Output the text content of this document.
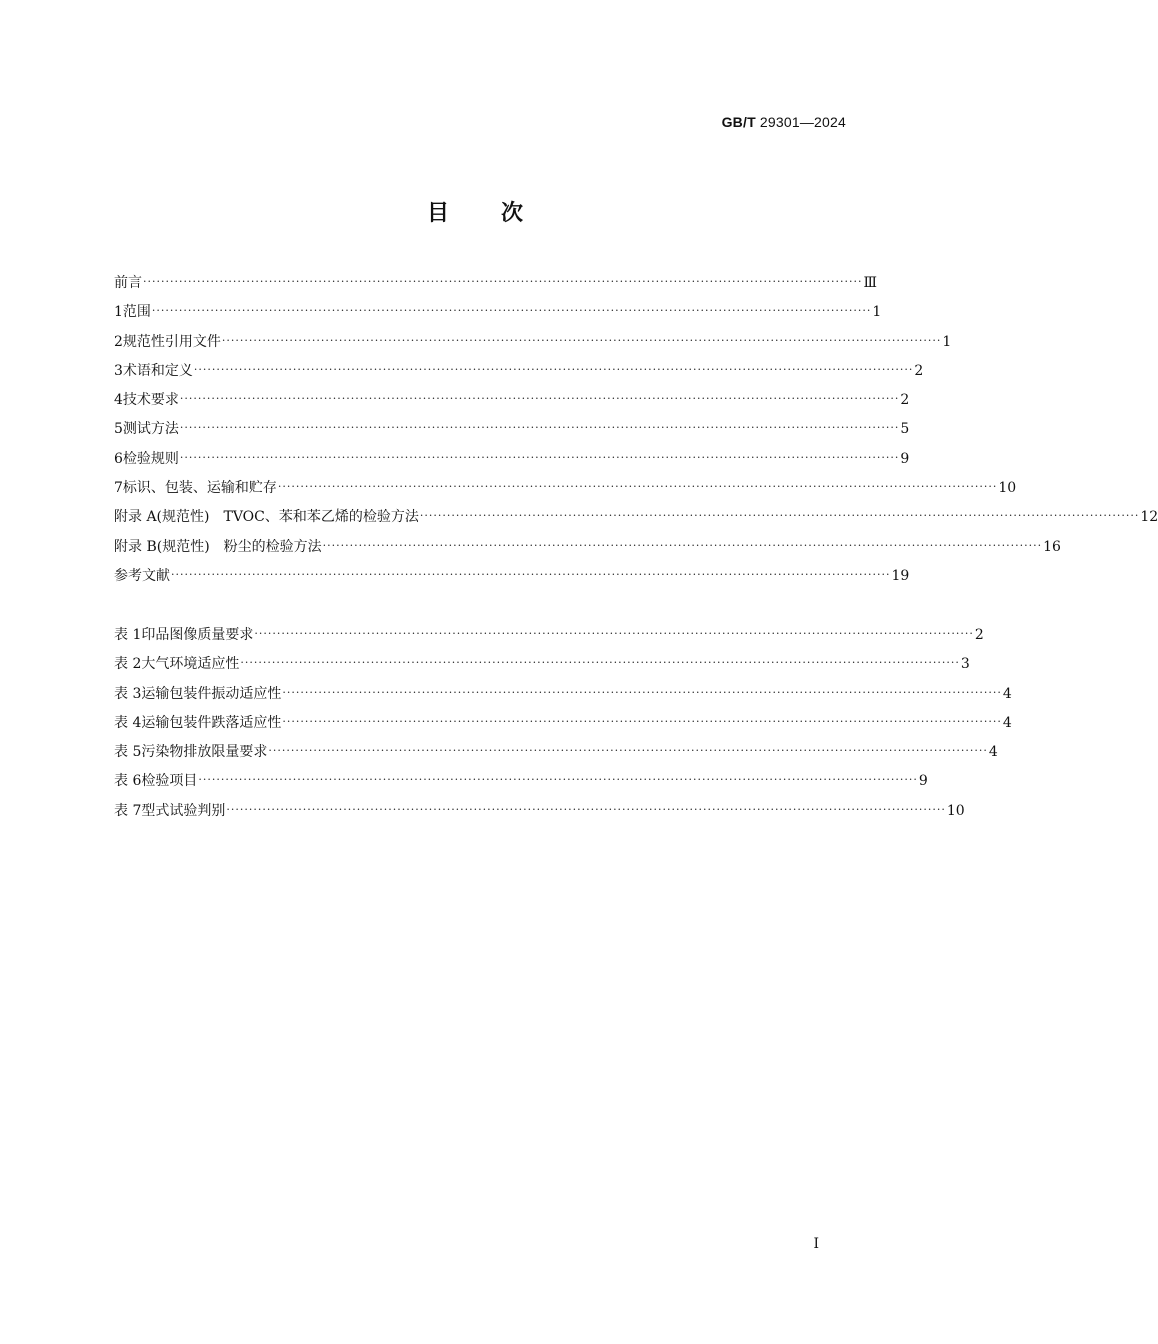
GB/T 29301—2024
目次
前言 ································································································································································ Ⅲ
1 范围 ································································································································································ 1
2 规范性引用文件 ································································································································································ 1
3 术语和定义 ································································································································································ 2
4 技术要求 ································································································································································ 2
5 测试方法 ································································································································································ 5
6 检验规则 ································································································································································ 9
7 标识、包装、运输和贮存 ································································································································································ 10
附录 A(规范性)　TVOC、苯和苯乙烯的检验方法 ································································································································································ 12
附录 B(规范性)　粉尘的检验方法 ································································································································································ 16
参考文献 ································································································································································ 19
表 1 印品图像质量要求 ································································································································································ 2
表 2 大气环境适应性 ································································································································································ 3
表 3 运输包装件振动适应性 ································································································································································ 4
表 4 运输包装件跌落适应性 ································································································································································ 4
表 5 污染物排放限量要求 ································································································································································ 4
表 6 检验项目 ································································································································································ 9
表 7 型式试验判别 ································································································································································ 10
I
